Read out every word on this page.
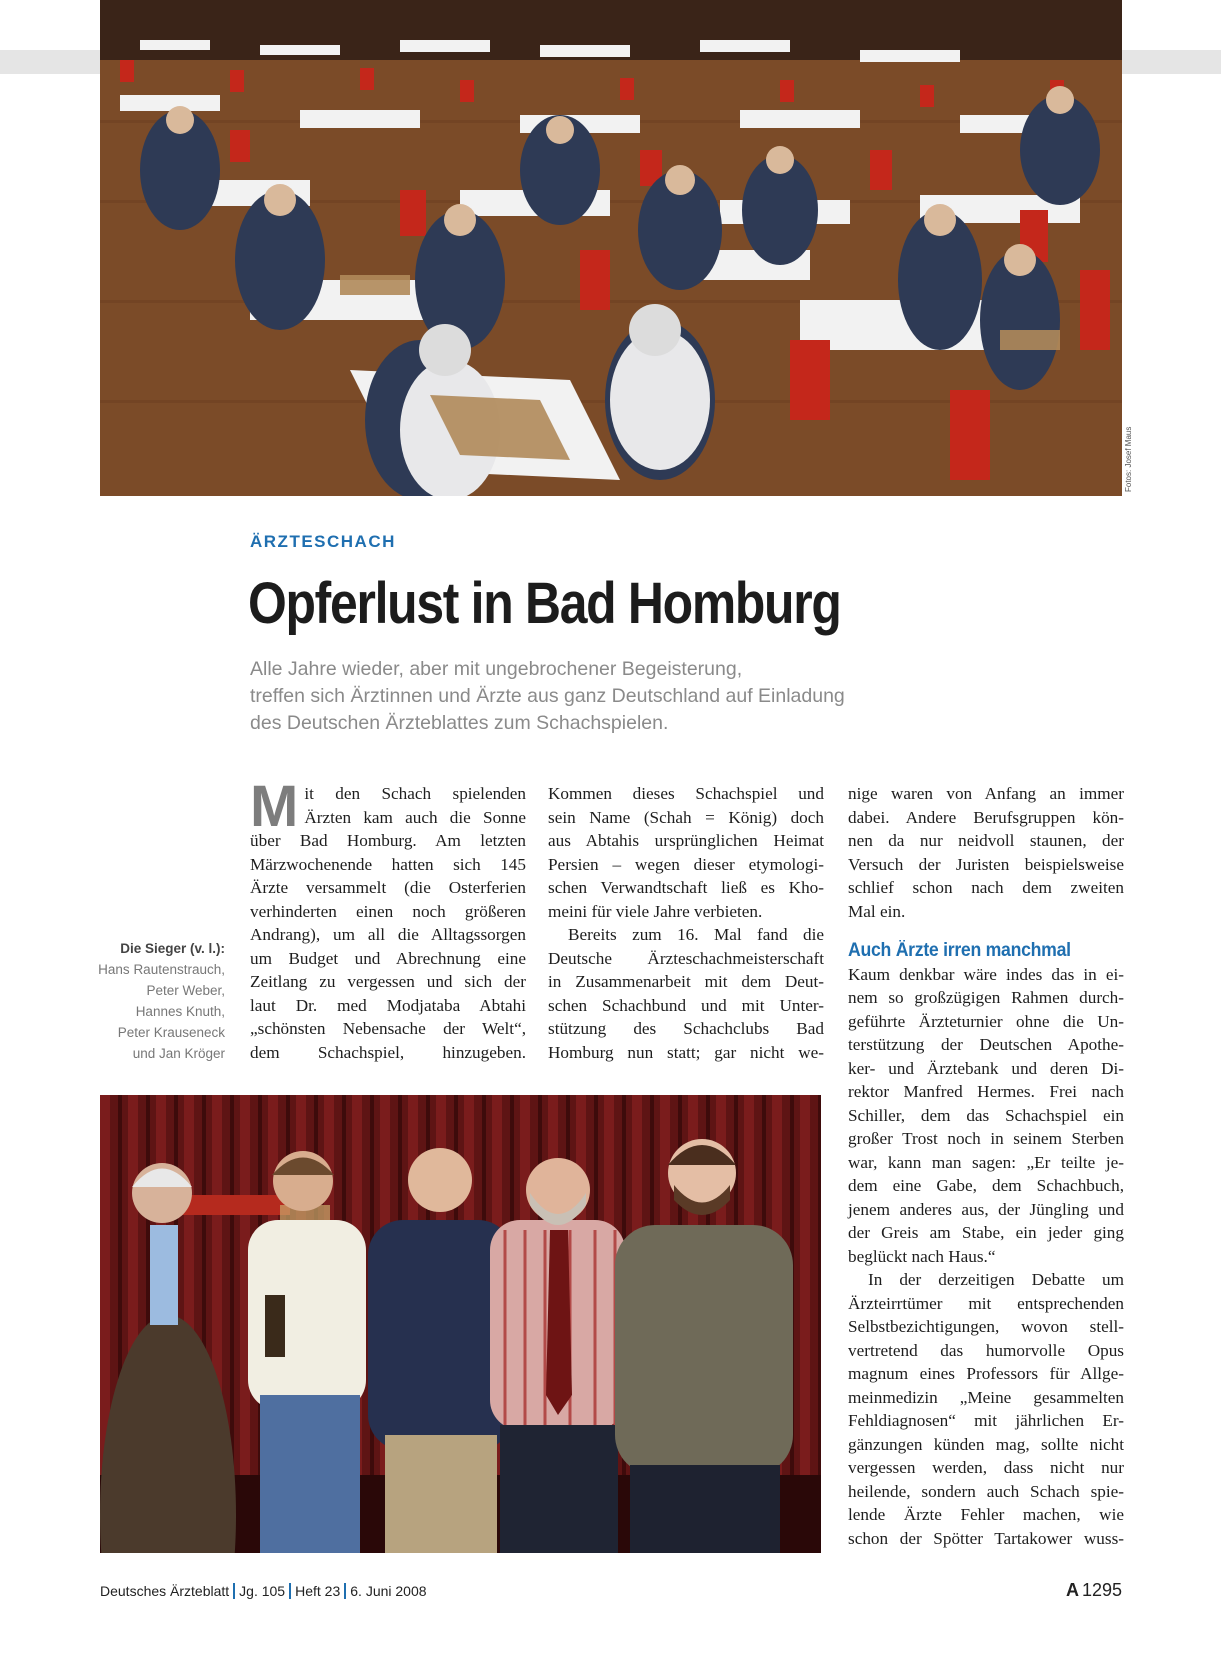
Fotos: Josef Maus
ÄRZTESCHACH
Opferlust in Bad Homburg
Alle Jahre wieder, aber mit ungebrochener Begeisterung,
treffen sich Ärztinnen und Ärzte aus ganz Deutschland auf Einladung
des Deutschen Ärzteblattes zum Schachspielen.
Die Sieger (v. l.):
Hans Rautenstrauch,
Peter Weber,
Hannes Knuth,
Peter Krauseneck
und Jan Kröger
M it den Schach spielenden
Ärzten kam auch die Sonne
über Bad Homburg. Am letzten
Märzwochenende hatten sich 145
Ärzte versammelt (die Osterferien
verhinderten einen noch größeren
Andrang), um all die Alltagssorgen
um Budget und Abrechnung eine
Zeitlang zu vergessen und sich der
laut Dr. med Modjataba Abtahi
„schönsten Nebensache der Welt“,
dem Schachspiel, hinzugeben.
Kommen dieses Schachspiel und
sein Name (Schah = König) doch
aus Abtahis ursprünglichen Heimat
Persien – wegen dieser etymologi-
schen Verwandtschaft ließ es Kho-
meini für viele Jahre verbieten.
Bereits zum 16. Mal fand die
Deutsche Ärzteschachmeisterschaft
in Zusammenarbeit mit dem Deut-
schen Schachbund und mit Unter-
stützung des Schachclubs Bad
Homburg nun statt; gar nicht we-
nige waren von Anfang an immer
dabei. Andere Berufsgruppen kön-
nen da nur neidvoll staunen, der
Versuch der Juristen beispielsweise
schlief schon nach dem zweiten
Mal ein.
Auch Ärzte irren manchmal
Kaum denkbar wäre indes das in ei-
nem so großzügigen Rahmen durch-
geführte Ärzteturnier ohne die Un-
terstützung der Deutschen Apothe-
ker- und Ärztebank und deren Di-
rektor Manfred Hermes. Frei nach
Schiller, dem das Schachspiel ein
großer Trost noch in seinem Sterben
war, kann man sagen: „Er teilte je-
dem eine Gabe, dem Schachbuch,
jenem anderes aus, der Jüngling und
der Greis am Stabe, ein jeder ging
beglückt nach Haus.“
In der derzeitigen Debatte um
Ärzteirrtümer mit entsprechenden
Selbstbezichtigungen, wovon stell-
vertretend das humorvolle Opus
magnum eines Professors für Allge-
meinmedizin „Meine gesammelten
Fehldiagnosen“ mit jährlichen Er-
gänzungen künden mag, sollte nicht
vergessen werden, dass nicht nur
heilende, sondern auch Schach spie-
lende Ärzte Fehler machen, wie
schon der Spötter Tartakower wuss-
Deutsches Ärzteblatt Jg. 105 Heft 23 6. Juni 2008	A 1295
